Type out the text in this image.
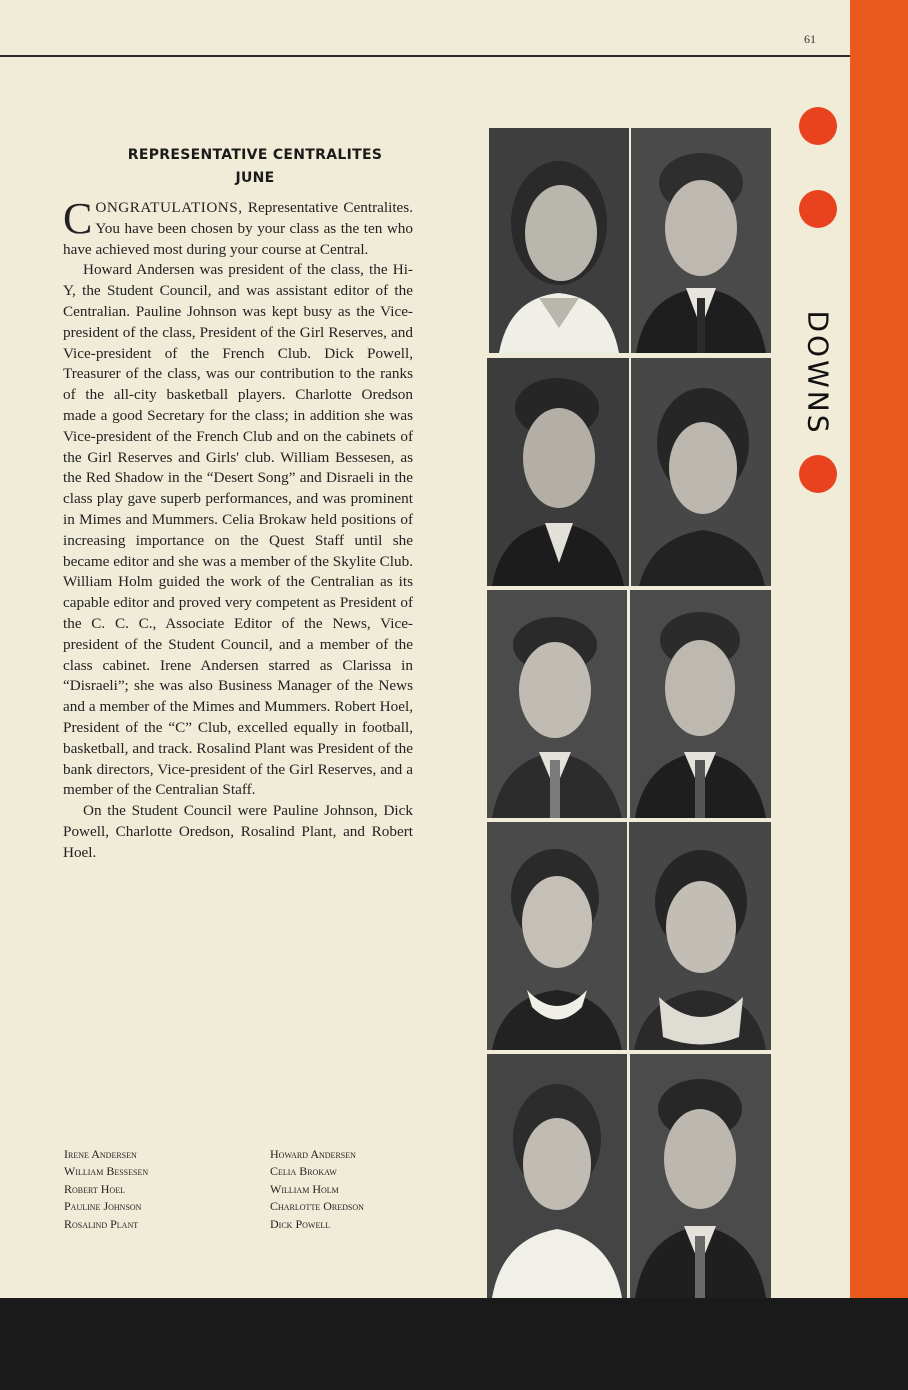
61
REPRESENTATIVE CENTRALITES
JUNE

CONGRATULATIONS, Representative Centralites. You have been chosen by your class as the ten who have achieved most during your course at Central.

Howard Andersen was president of the class, the Hi-Y, the Student Council, and was assistant editor of the Centralian. Pauline Johnson was kept busy as the Vice-president of the class, President of the Girl Reserves, and Vice-president of the French Club. Dick Powell, Treasurer of the class, was our contribution to the ranks of the all-city basketball players. Charlotte Oredson made a good Secretary for the class; in addition she was Vice-president of the French Club and on the cabinets of the Girl Reserves and Girls' club. William Bessesen, as the Red Shadow in the “Desert Song” and Disraeli in the class play gave superb performances, and was prominent in Mimes and Mummers. Celia Brokaw held positions of increasing importance on the Quest Staff until she became editor and she was a member of the Skylite Club. William Holm guided the work of the Centralian as its capable editor and proved very competent as President of the C. C. C., Associate Editor of the News, Vice-president of the Student Council, and a member of the class cabinet. Irene Andersen starred as Clarissa in “Disraeli”; she was also Business Manager of the News and a member of the Mimes and Mummers. Robert Hoel, President of the “C” Club, excelled equally in football, basketball, and track. Rosalind Plant was President of the bank directors, Vice-president of the Girl Reserves, and a member of the Centralian Staff.

On the Student Council were Pauline Johnson, Dick Powell, Charlotte Oredson, Rosalind Plant, and Robert Hoel.

Irene Andersen
William Bessesen
Robert Hoel
Pauline Johnson
Rosalind Plant
Howard Andersen
Celia Brokaw
William Holm
Charlotte Oredson
Dick Powell
DOWNS
